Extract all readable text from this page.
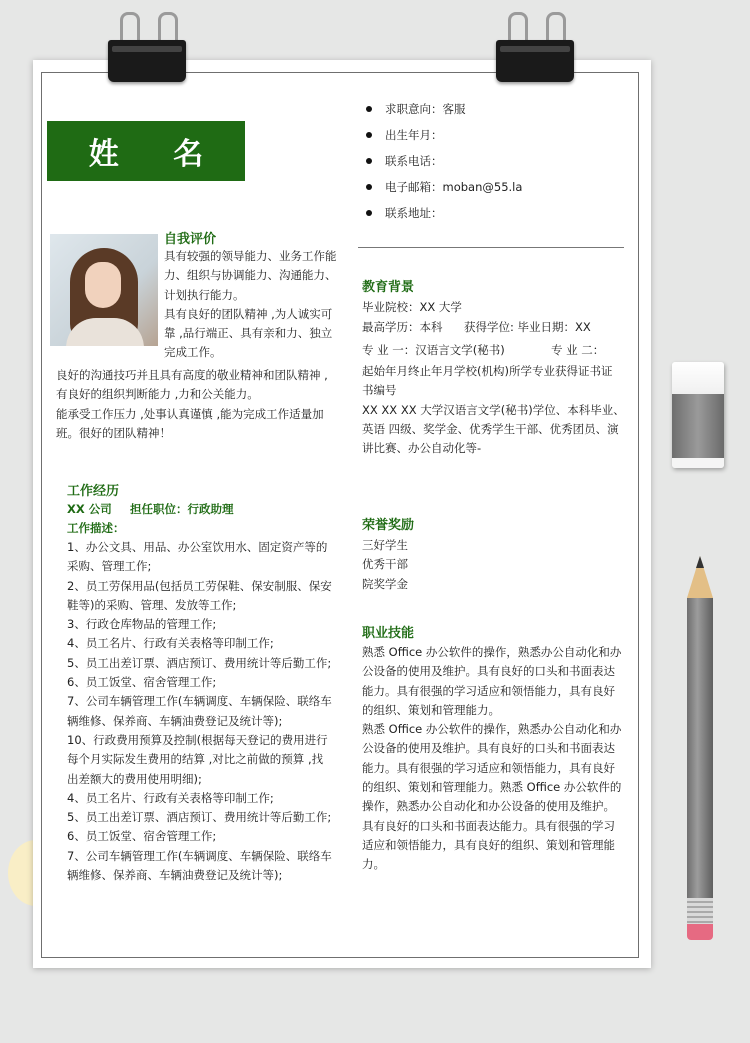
姓 名
求职意向：客服
出生年月：
联系电话：
电子邮箱：moban@55.la
联系地址：
自我评价
具有较强的领导能力、业务工作能
力、组织与协调能力、沟通能力、
计划执行能力。
具有良好的团队精神 ,为人诚实可
靠 ,品行端正、具有亲和力、独立
完成工作。
良好的沟通技巧并且具有高度的敬业精神和团队精神 ,
有良好的组织判断能力 ,力和公关能力。
能承受工作压力 ,处事认真谨慎 ,能为完成工作适量加
班。很好的团队精神！
工作经历
XX 公司 担任职位：行政助理
工作描述：
1、办公文具、用品、办公室饮用水、固定资产等的
采购、管理工作;
2、员工劳保用品(包括员工劳保鞋、保安制服、保安
鞋等)的采购、管理、发放等工作;
3、行政仓库物品的管理工作;
4、员工名片、行政有关表格等印制工作;
5、员工出差订票、酒店预订、费用统计等后勤工作;
6、员工饭堂、宿舍管理工作;
7、公司车辆管理工作(车辆调度、车辆保险、联络车
辆维修、保养商、车辆油费登记及统计等);
10、行政费用预算及控制(根据每天登记的费用进行
每个月实际发生费用的结算 ,对比之前做的预算 ,找
出差额大的费用使用明细);
4、员工名片、行政有关表格等印制工作;
5、员工出差订票、酒店预订、费用统计等后勤工作;
6、员工饭堂、宿舍管理工作;
7、公司车辆管理工作(车辆调度、车辆保险、联络车
辆维修、保养商、车辆油费登记及统计等);
教育背景
毕业院校：XX 大学
最高学历：本科 获得学位: 毕业日期：XX
专 业 一：汉语言文学(秘书)	专 业 二：
起始年月终止年月学校(机构)所学专业获得证书证
书编号
XX XX XX 大学汉语言文学(秘书)学位、本科毕业、
英语 四级、奖学金、优秀学生干部、优秀团员、演
讲比赛、办公自动化等-
荣誉奖励
三好学生
优秀干部
院奖学金
职业技能
熟悉 Office 办公软件的操作，熟悉办公自动化和办
公设备的使用及维护。具有良好的口头和书面表达
能力。具有很强的学习适应和领悟能力，具有良好
的组织、策划和管理能力。
熟悉 Office 办公软件的操作，熟悉办公自动化和办
公设备的使用及维护。具有良好的口头和书面表达
能力。具有很强的学习适应和领悟能力，具有良好
的组织、策划和管理能力。熟悉 Office 办公软件的
操作，熟悉办公自动化和办公设备的使用及维护。
具有良好的口头和书面表达能力。具有很强的学习
适应和领悟能力，具有良好的组织、策划和管理能
力。
